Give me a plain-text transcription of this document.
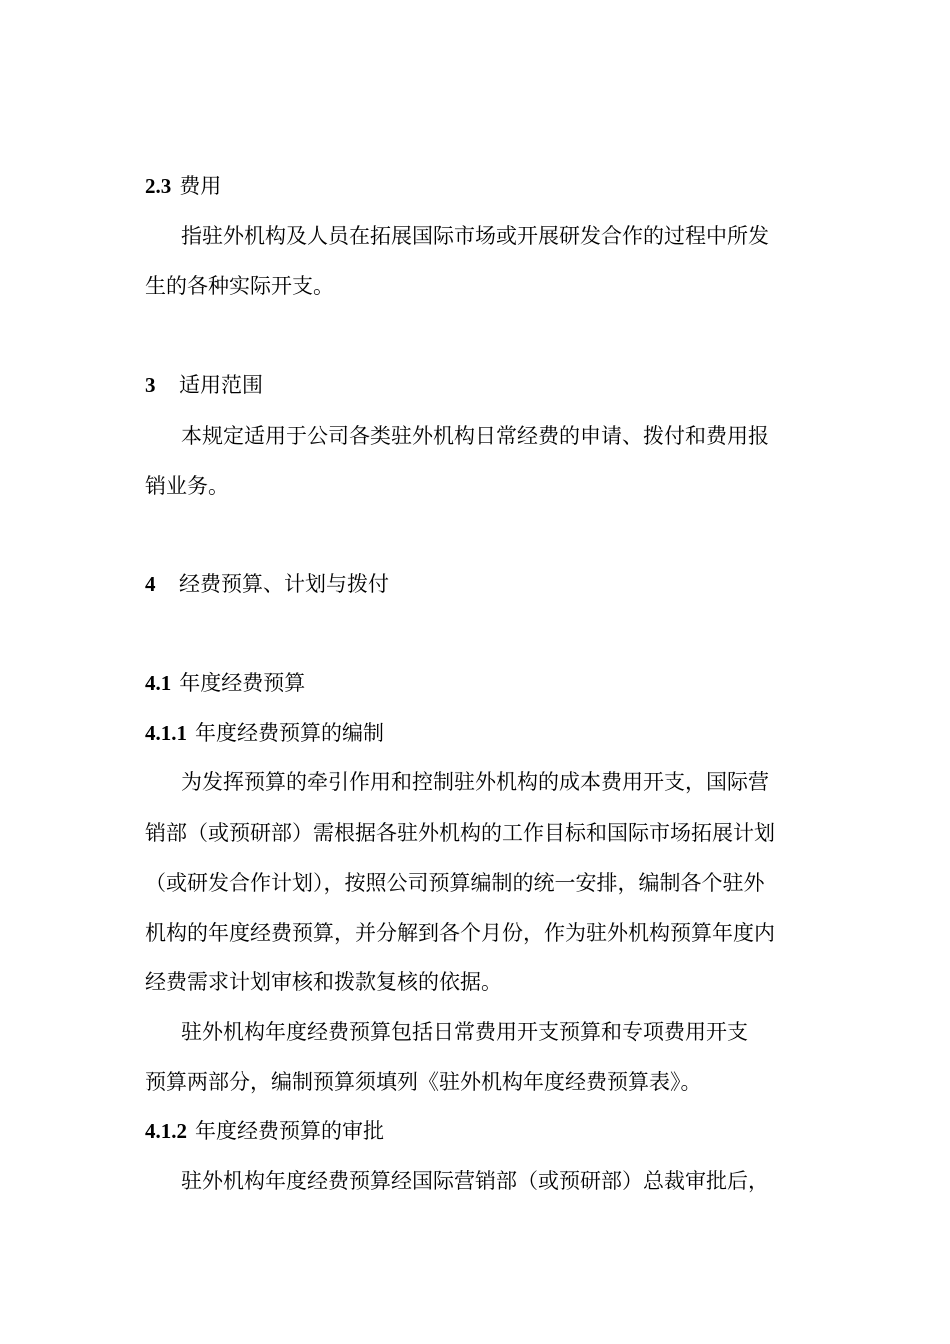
2.3 费用
指驻外机构及人员在拓展国际市场或开展研发合作的过程中所发
生的各种实际开支。
3 适用范围
本规定适用于公司各类驻外机构日常经费的申请、拨付和费用报
销业务。
4 经费预算、计划与拨付
4.1 年度经费预算
4.1.1 年度经费预算的编制
为发挥预算的牵引作用和控制驻外机构的成本费用开支，国际营
销部（或预研部）需根据各驻外机构的工作目标和国际市场拓展计划
（或研发合作计划），按照公司预算编制的统一安排，编制各个驻外
机构的年度经费预算，并分解到各个月份，作为驻外机构预算年度内
经费需求计划审核和拨款复核的依据。
驻外机构年度经费预算包括日常费用开支预算和专项费用开支
预算两部分，编制预算须填列《驻外机构年度经费预算表》。
4.1.2 年度经费预算的审批
驻外机构年度经费预算经国际营销部（或预研部）总裁审批后，
